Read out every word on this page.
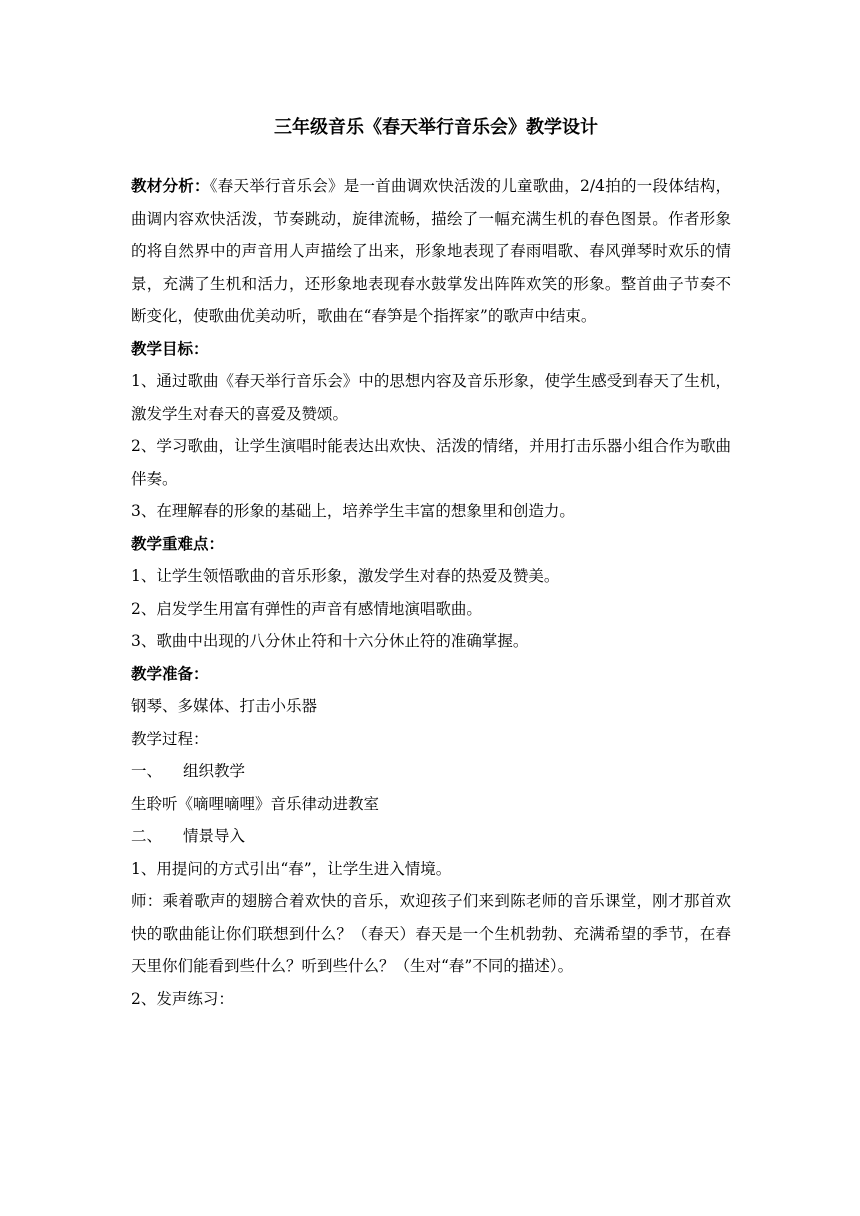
三年级音乐《春天举行音乐会》教学设计

教材分析：《春天举行音乐会》是一首曲调欢快活泼的儿童歌曲，2/4拍的一段体结构，曲调内容欢快活泼，节奏跳动，旋律流畅，描绘了一幅充满生机的春色图景。作者形象的将自然界中的声音用人声描绘了出来，形象地表现了春雨唱歌、春风弹琴时欢乐的情景，充满了生机和活力，还形象地表现春水鼓掌发出阵阵欢笑的形象。整首曲子节奏不断变化，使歌曲优美动听，歌曲在“春笋是个指挥家”的歌声中结束。

教学目标：

1、通过歌曲《春天举行音乐会》中的思想内容及音乐形象，使学生感受到春天了生机，激发学生对春天的喜爱及赞颂。

2、学习歌曲，让学生演唱时能表达出欢快、活泼的情绪，并用打击乐器小组合作为歌曲伴奏。

3、在理解春的形象的基础上，培养学生丰富的想象里和创造力。

教学重难点：

1、让学生领悟歌曲的音乐形象，激发学生对春的热爱及赞美。

2、启发学生用富有弹性的声音有感情地演唱歌曲。

3、歌曲中出现的八分休止符和十六分休止符的准确掌握。

教学准备：

钢琴、多媒体、打击小乐器

教学过程：

一、 组织教学

生聆听《嘀哩嘀哩》音乐律动进教室

二、 情景导入

1、用提问的方式引出“春”，让学生进入情境。

师：乘着歌声的翅膀合着欢快的音乐，欢迎孩子们来到陈老师的音乐课堂，刚才那首欢快的歌曲能让你们联想到什么？（春天）春天是一个生机勃勃、充满希望的季节，在春天里你们能看到些什么？听到些什么？（生对“春”不同的描述）。

2、发声练习：
